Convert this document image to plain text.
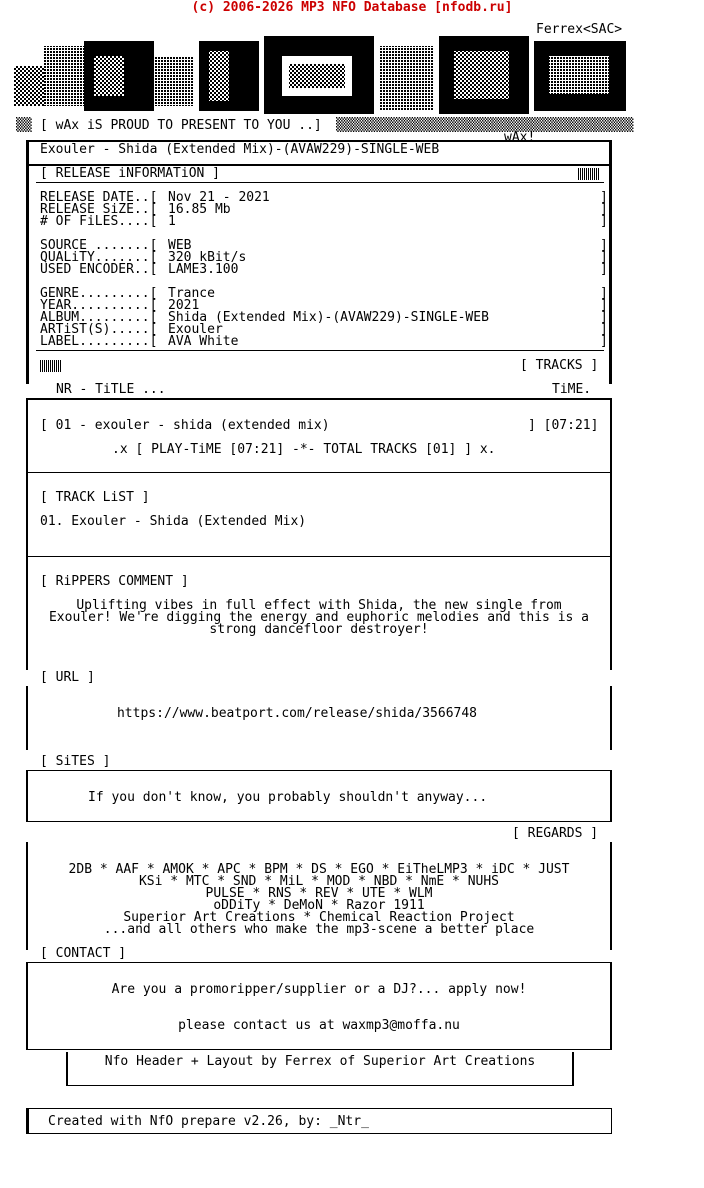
(c) 2006-2026 MP3 NFO Database [nfodb.ru]
Ferrex<SAC>
▒▒ [ wAx iS PROUD TO PRESENT TO YOU ..] ▒▒▒▒▒▒▒▒▒▒▒▒▒▒▒▒▒▒▒▒▒▒▒▒▒▒▒▒▒▒▒▒▒▒▒▒▒▒
wAx!
Exouler - Shida (Extended Mix)-(AVAW229)-SINGLE-WEB
[ RELEASE iNFORMATiON ]
RELEASE DATE..[ Nov 21 - 2021
RELEASE SiZE..[ 16.85 Mb
# OF FiLES....[ 1
SOURCE .......[ WEB
QUALiTY.......[ 320 kBit/s
USED ENCODER..[ LAME3.100
GENRE.........[ Trance
YEAR..........[ 2021
ALBUM.........[ Shida (Extended Mix)-(AVAW229)-SINGLE-WEB
ARTiST(S).....[ Exouler
LABEL.........[ AVA White
]
]
]

]
]
]

]
]
]
]
]
[ TRACKS ]
NR - TiTLE ...	TiME.
[ 01 - exouler - shida (extended mix)	] [07:21]
.x [ PLAY-TiME [07:21] -*- TOTAL TRACKS [01] ] x.
[ TRACK LiST ]
01. Exouler - Shida (Extended Mix)
[ RiPPERS COMMENT ]
Uplifting vibes in full effect with Shida, the new single from
Exouler! We're digging the energy and euphoric melodies and this is a
strong dancefloor destroyer!
[ URL ]
https://www.beatport.com/release/shida/3566748
[ SiTES ]
If you don't know, you probably shouldn't anyway...
[ REGARDS ]
2DB * AAF * AMOK * APC * BPM * DS * EGO * EiTheLMP3 * iDC * JUST
KSi * MTC * SND * MiL * MOD * NBD * NmE * NUHS
PULSE * RNS * REV * UTE * WLM
oDDiTy * DeMoN * Razor 1911
Superior Art Creations * Chemical Reaction Project
...and all others who make the mp3-scene a better place
[ CONTACT ]
Are you a promoripper/supplier or a DJ?... apply now!
please contact us at waxmp3@moffa.nu
Nfo Header + Layout by Ferrex of Superior Art Creations
Created with NfO prepare v2.26, by: _Ntr_
